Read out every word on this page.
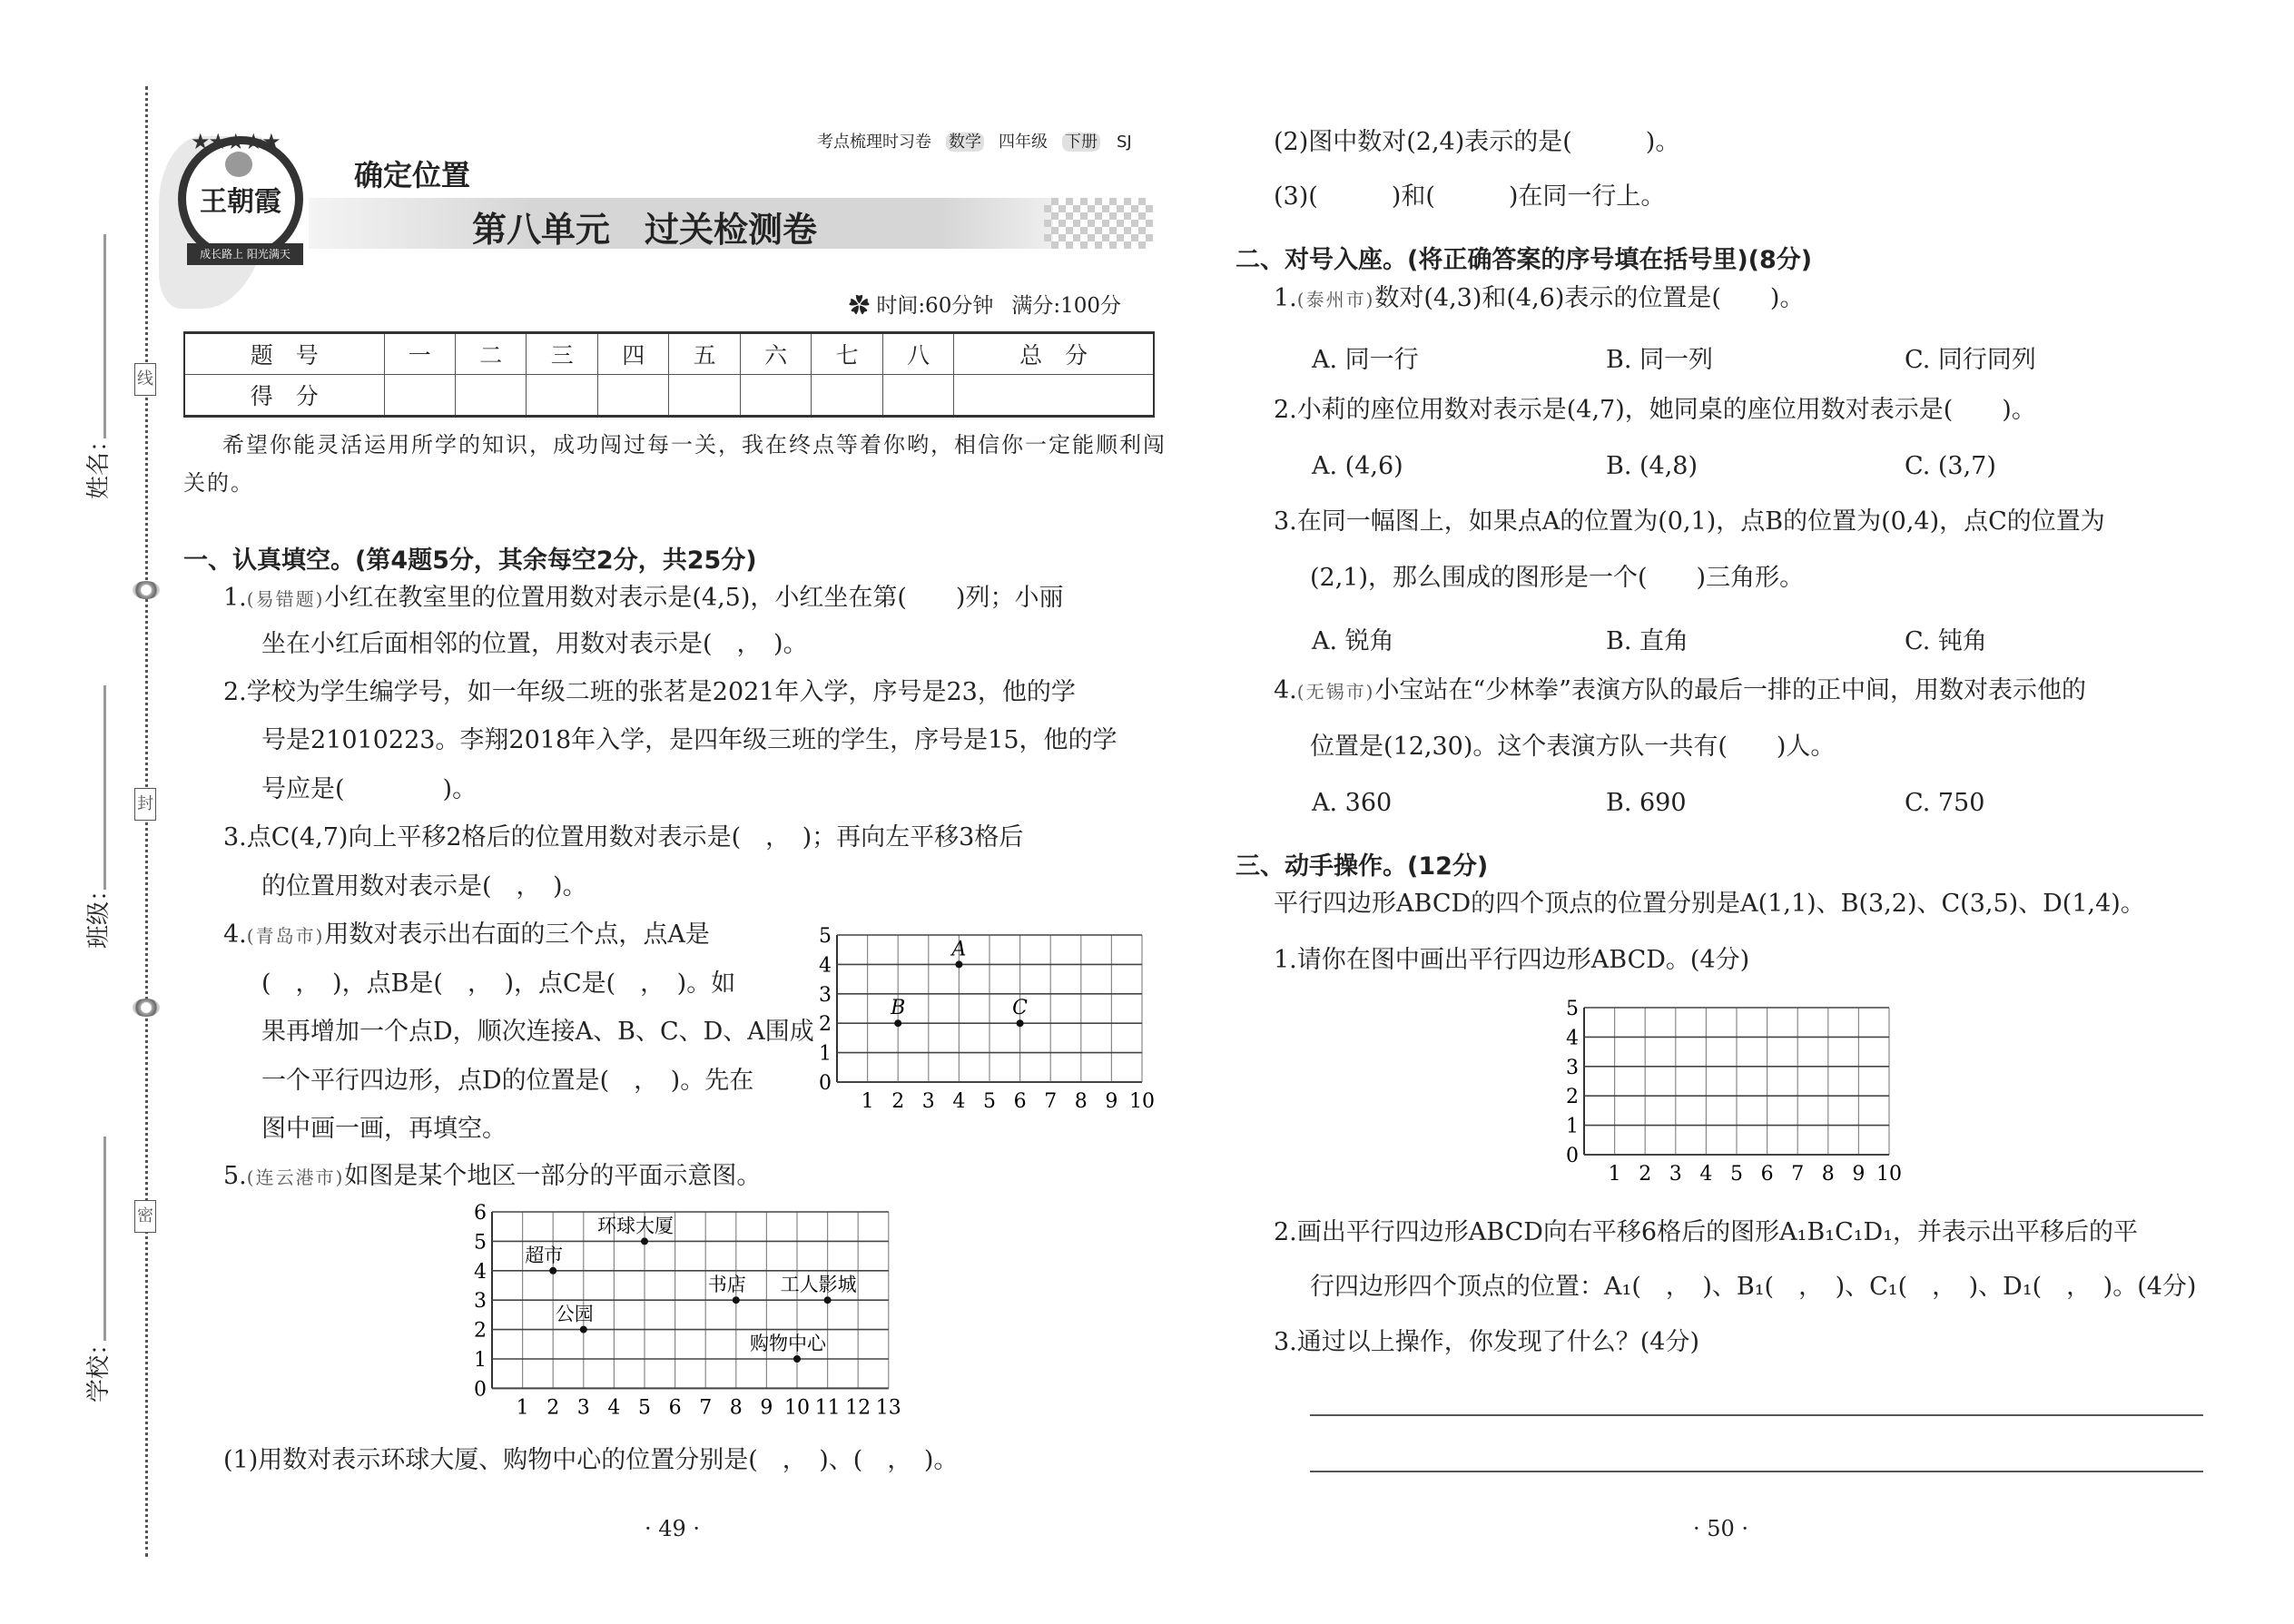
线
封
密
姓名：
班级：
学校：
王朝霞
成长路上 阳光满天
★★★★★	考点梳理时习卷 数学 四年级 下册 SJ
确定位置
第八单元　过关检测卷
✿ 时间:60分钟 满分:100分
题　号	一	二	三	四	五	六	七	八	总　分
得　分									
希望你能灵活运用所学的知识，成功闯过每一关，我在终点等着你哟，相信你一定能顺利闯
关的。
一、认真填空。(第4题5分，其余每空2分，共25分)
1.(易错题)小红在教室里的位置用数对表示是(4,5)，小红坐在第(　　)列；小丽
坐在小红后面相邻的位置，用数对表示是(　，　)。
2.学校为学生编学号，如一年级二班的张茗是2021年入学，序号是23，他的学
号是21010223。李翔2018年入学，是四年级三班的学生，序号是15，他的学
号应是(　　　　)。
3.点C(4,7)向上平移2格后的位置用数对表示是(　，　)；再向左平移3格后
的位置用数对表示是(　，　)。
4.(青岛市)用数对表示出右面的三个点，点A是
(　，　)，点B是(　，　)，点C是(　，　)。如
果再增加一个点D，顺次连接A、B、C、D、A围成
一个平行四边形，点D的位置是(　，　)。先在
图中画一画，再填空。
5.(连云港市)如图是某个地区一部分的平面示意图。
(1)用数对表示环球大厦、购物中心的位置分别是(　，　)、(　，　)。
1 2 3 4 5 6 7 8 9 10
0
1
2
3
4
5
A
B	C
1 2 3 4 5 6 7 8 9 10 11 12 13
0
1
2
3
4
5
6
超市
环球大厦
公园
书店 工人影城
购物中心
· 49 ·
(2)图中数对(2,4)表示的是(　　　)。
(3)(　　　)和(　　　)在同一行上。
二、对号入座。(将正确答案的序号填在括号里)(8分)
1.(泰州市)数对(4,3)和(4,6)表示的位置是(　　)。
A. 同一行	B. 同一列	C. 同行同列
2.小莉的座位用数对表示是(4,7)，她同桌的座位用数对表示是(　　)。
A. (4,6)	B. (4,8)	C. (3,7)
3.在同一幅图上，如果点A的位置为(0,1)，点B的位置为(0,4)，点C的位置为
(2,1)，那么围成的图形是一个(　　)三角形。
A. 锐角	B. 直角	C. 钝角
4.(无锡市)小宝站在“少林拳”表演方队的最后一排的正中间，用数对表示他的
位置是(12,30)。这个表演方队一共有(　　)人。
A. 360	B. 690	C. 750
三、动手操作。(12分)
平行四边形ABCD的四个顶点的位置分别是A(1,1)、B(3,2)、C(3,5)、D(1,4)。
1.请你在图中画出平行四边形ABCD。(4分)
1 2 3 4 5 6 7 8 9 10
0
1
2
3
4
5
2.画出平行四边形ABCD向右平移6格后的图形A₁B₁C₁D₁，并表示出平移后的平
行四边形四个顶点的位置：A₁(　，　)、B₁(　，　)、C₁(　，　)、D₁(　，　)。(4分)
3.通过以上操作，你发现了什么？(4分)
· 50 ·
